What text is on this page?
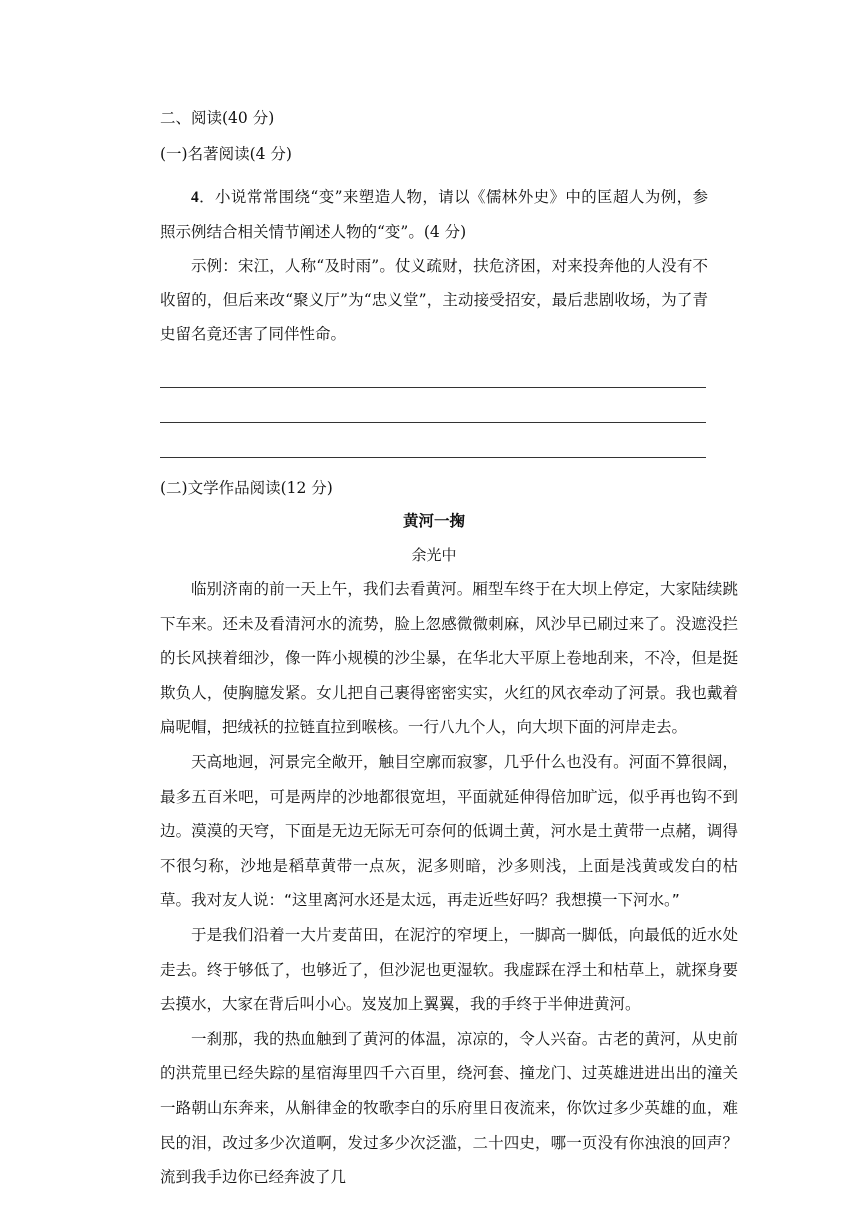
二、阅读(40 分)
(一)名著阅读(4 分)
4．小说常常围绕“变”来塑造人物，请以《儒林外史》中的匡超人为例，参照示例结合相关情节阐述人物的“变”。(4 分)
示例：宋江，人称“及时雨”。仗义疏财，扶危济困，对来投奔他的人没有不收留的，但后来改“聚义厅”为“忠义堂”，主动接受招安，最后悲剧收场，为了青史留名竟还害了同伴性命。
(二)文学作品阅读(12 分)
黄河一掬
余光中
临别济南的前一天上午，我们去看黄河。厢型车终于在大坝上停定，大家陆续跳下车来。还未及看清河水的流势，脸上忽感微微刺麻，风沙早已刷过来了。没遮没拦的长风挟着细沙，像一阵小规模的沙尘暴，在华北大平原上卷地刮来，不冷，但是挺欺负人，使胸臆发紧。女儿把自己裹得密密实实，火红的风衣牵动了河景。我也戴着扁呢帽，把绒袄的拉链直拉到喉核。一行八九个人，向大坝下面的河岸走去。
天高地迥，河景完全敞开，触目空廓而寂寥，几乎什么也没有。河面不算很阔，最多五百米吧，可是两岸的沙地都很宽坦，平面就延伸得倍加旷远，似乎再也钩不到边。漠漠的天穹，下面是无边无际无可奈何的低调土黄，河水是土黄带一点赭，调得不很匀称，沙地是稻草黄带一点灰，泥多则暗，沙多则浅，上面是浅黄或发白的枯草。我对友人说：“这里离河水还是太远，再走近些好吗？我想摸一下河水。”
于是我们沿着一大片麦苗田，在泥泞的窄埂上，一脚高一脚低，向最低的近水处走去。终于够低了，也够近了，但沙泥也更湿软。我虚踩在浮土和枯草上，就探身要去摸水，大家在背后叫小心。岌岌加上翼翼，我的手终于半伸进黄河。
一刹那，我的热血触到了黄河的体温，凉凉的，令人兴奋。古老的黄河，从史前的洪荒里已经失踪的星宿海里四千六百里，绕河套、撞龙门、过英雄进进出出的潼关一路朝山东奔来，从斛律金的牧歌李白的乐府里日夜流来，你饮过多少英雄的血，难民的泪，改过多少次道啊，发过多少次泛滥，二十四史，哪一页没有你浊浪的回声？流到我手边你已经奔波了几
